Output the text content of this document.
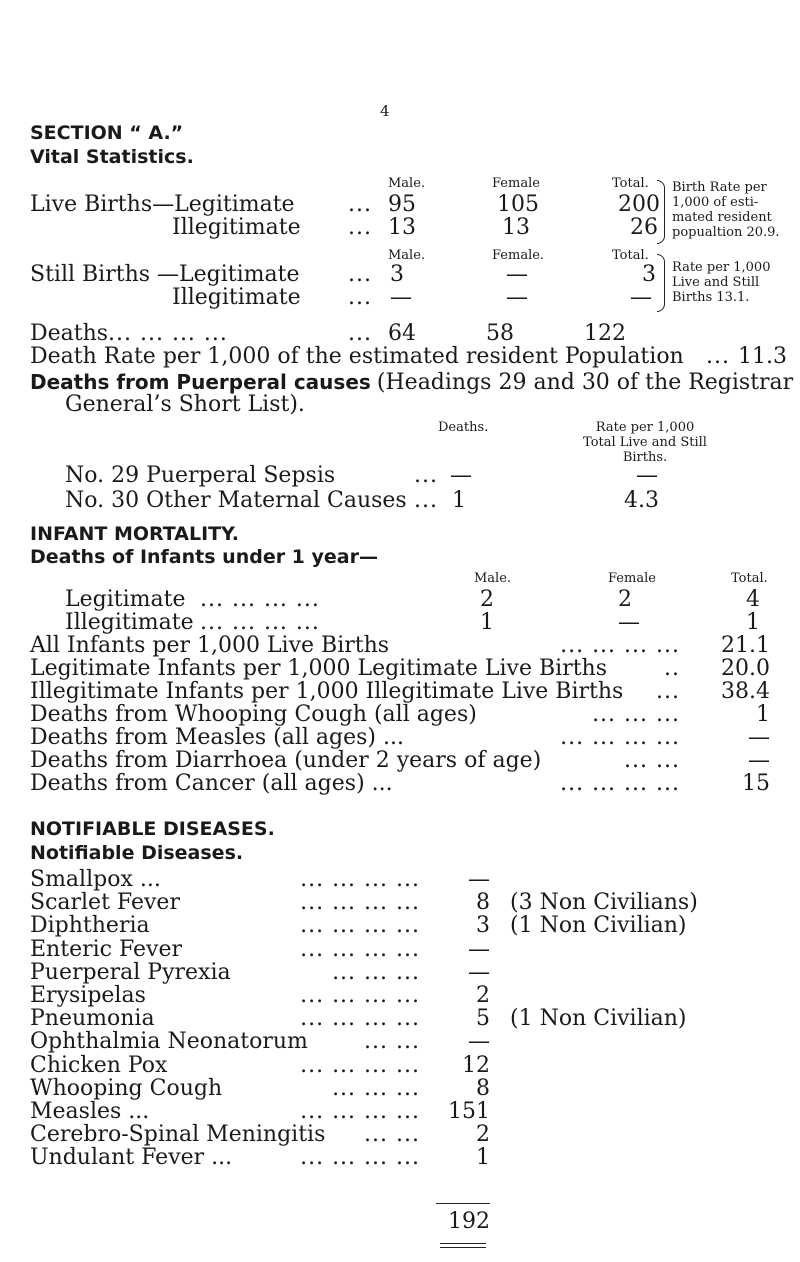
4
SECTION “ A.”
Vital Statistics.
Male.	Female	Total.
Live Births—Legitimate ... 95	105	200
Illegitimate ... 13	13	26
Birth Rate per
1,000 of esti-
mated resident
popualtion 20.9.
Male.	Female.	Total.
Still Births —Legitimate ... 3	—	3
Illegitimate ... —	—	—
Rate per 1,000
Live and Still
Births 13.1.
Deaths ... ... ... ...	... 64	58	122
Death Rate per 1,000 of the estimated resident Population ... 11.3
Deaths from Puerperal causes (Headings 29 and 30 of the Registrar
General’s Short List).
Deaths.	Rate per 1,000
Total Live and Still
Births.
No. 29 Puerperal Sepsis	... —	—
No. 30 Other Maternal Causes ... 1	4.3
INFANT MORTALITY.
Deaths of Infants under 1 year—
Male.	Female	Total.
Legitimate ... ... ... ...	2	2	4
Illegitimate ... ... ... ...	1	—	1
All Infants per 1,000 Live Births	... ... ... ...	21.1
Legitimate Infants per 1,000 Legitimate Live Births	..	20.0
Illegitimate Infants per 1,000 Illegitimate Live Births	...	38.4
Deaths from Whooping Cough (all ages)	... ... ...	1
Deaths from Measles (all ages) ...	... ... ... ...	—
Deaths from Diarrhoea (under 2 years of age)	... ...	—
Deaths from Cancer (all ages) ...	... ... ... ...	15
NOTIFIABLE DISEASES.
Notifiable Diseases.
Smallpox ...	... ... ... ...	—
Scarlet Fever	... ... ... ...	8 (3 Non Civilians)
Diphtheria	... ... ... ...	3 (1 Non Civilian)
Enteric Fever	... ... ... ...	—
Puerperal Pyrexia	... ... ...	—
Erysipelas	... ... ... ...	2
Pneumonia	... ... ... ...	5 (1 Non Civilian)
Ophthalmia Neonatorum	... ...	—
Chicken Pox	... ... ... ...	12
Whooping Cough	... ... ...	8
Measles ...	... ... ... ...	151
Cerebro-Spinal Meningitis	... ...	2
Undulant Fever ...	... ... ... ...	1
192
